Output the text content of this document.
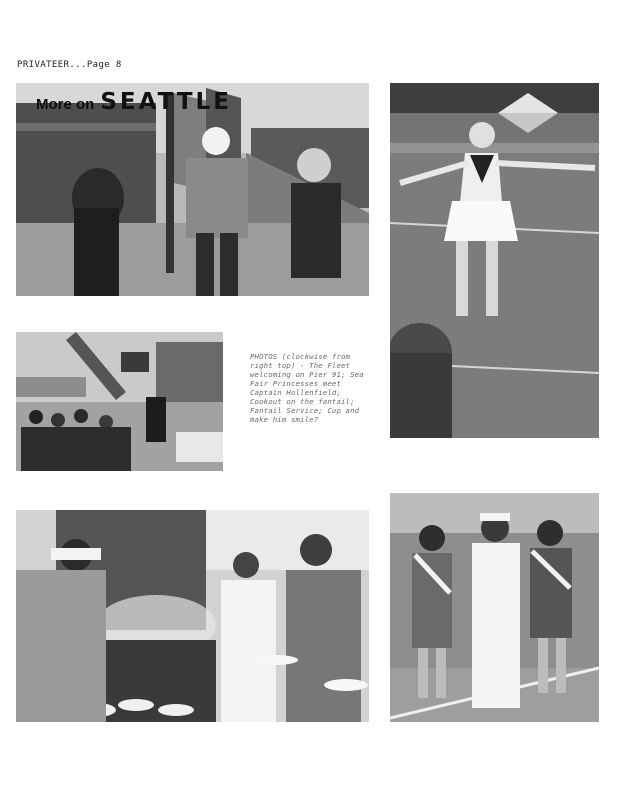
PRIVATEER...Page 8
More on SEATTLE
PHOTOS (clockwise from right top) - The Fleet welcoming on Pier 91; Sea Fair Princesses meet Captain Hollenfield; Cookout on the fantail; Fantail Service; Cup and make him smile?
